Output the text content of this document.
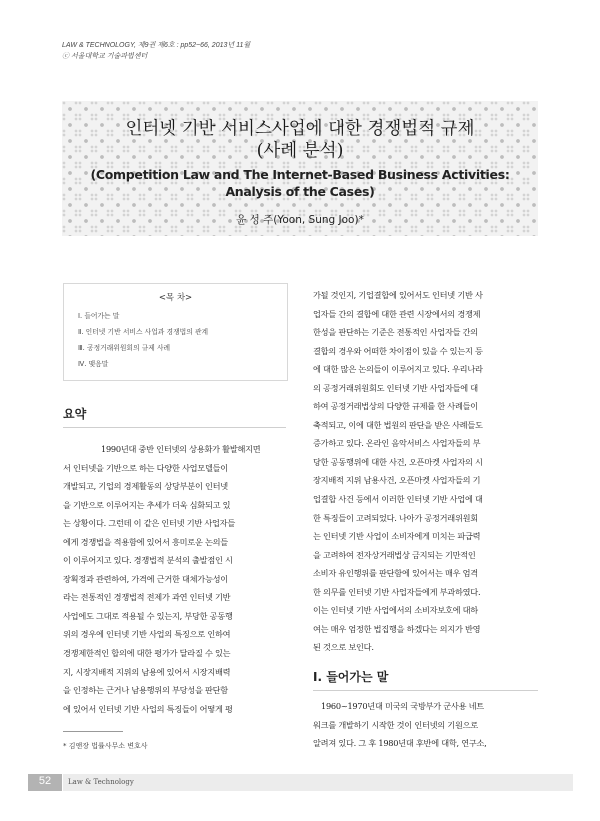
LAW & TECHNOLOGY, 제9권 제6호 : pp52~66, 2013년 11월
ⓒ 서울대학교 기술과법센터
인터넷 기반 서비스사업에 대한 경쟁법적 규제
(사례 분석)
(Competition Law and The Internet-Based Business Activities:
Analysis of the Cases)
윤 성 주(Yoon, Sung Joo)*
<목 차>
Ⅰ. 들어가는 말
Ⅱ. 인터넷 기반 서비스 사업과 경쟁법의 관계
Ⅲ. 공정거래위원회의 규제 사례
Ⅳ. 맺음말
요약
1990년대 중반 인터넷의 상용화가 활발해지면
서 인터넷을 기반으로 하는 다양한 사업모델들이
개발되고, 기업의 경제활동의 상당부분이 인터넷
을 기반으로 이루어지는 추세가 더욱 심화되고 있
는 상황이다. 그런데 이 같은 인터넷 기반 사업자들
에게 경쟁법을 적용함에 있어서 흥미로운 논의들
이 이루어지고 있다. 경쟁법적 분석의 출발점인 시
장획정과 관련하여, 가격에 근거한 대체가능성이
라는 전통적인 경쟁법적 전제가 과연 인터넷 기반
사업에도 그대로 적용될 수 있는지, 부당한 공동행
위의 경우에 인터넷 기반 사업의 특징으로 인하여
경쟁제한적인 합의에 대한 평가가 달라질 수 있는
지, 시장지배적 지위의 남용에 있어서 시장지배력
을 인정하는 근거나 남용행위의 부당성을 판단함
에 있어서 인터넷 기반 사업의 특징들이 어떻게 평
가될 것인지, 기업결합에 있어서도 인터넷 기반 사
업자들 간의 결합에 대한 관련 시장에서의 경쟁제
한성을 판단하는 기준은 전통적인 사업자들 간의
결합의 경우와 어떠한 차이점이 있을 수 있는지 등
에 대한 많은 논의들이 이루어지고 있다. 우리나라
의 공정거래위원회도 인터넷 기반 사업자들에 대
하여 공정거래법상의 다양한 규제를 한 사례들이
축적되고, 이에 대한 법원의 판단을 받은 사례들도
증가하고 있다. 온라인 음악서비스 사업자들의 부
당한 공동행위에 대한 사건, 오픈마켓 사업자의 시
장지배적 지위 남용사건, 오픈마켓 사업자들의 기
업결합 사건 등에서 이러한 인터넷 기반 사업에 대
한 특징들이 고려되었다. 나아가 공정거래위원회
는 인터넷 기반 사업이 소비자에게 미치는 파급력
을 고려하여 전자상거래법상 금지되는 기만적인
소비자 유인행위를 판단함에 있어서는 매우 엄격
한 의무를 인터넷 기반 사업자들에게 부과하였다.
이는 인터넷 기반 사업에서의 소비자보호에 대하
여는 매우 엄정한 법집행을 하겠다는 의지가 반영
된 것으로 보인다.
I. 들어가는 말
1960~1970년대 미국의 국방부가 군사용 네트
워크를 개발하기 시작한 것이 인터넷의 기원으로
알려져 있다. 그 후 1980년대 후반에 대학, 연구소,
* 김앤장 법률사무소 변호사
52	Law & Technology
